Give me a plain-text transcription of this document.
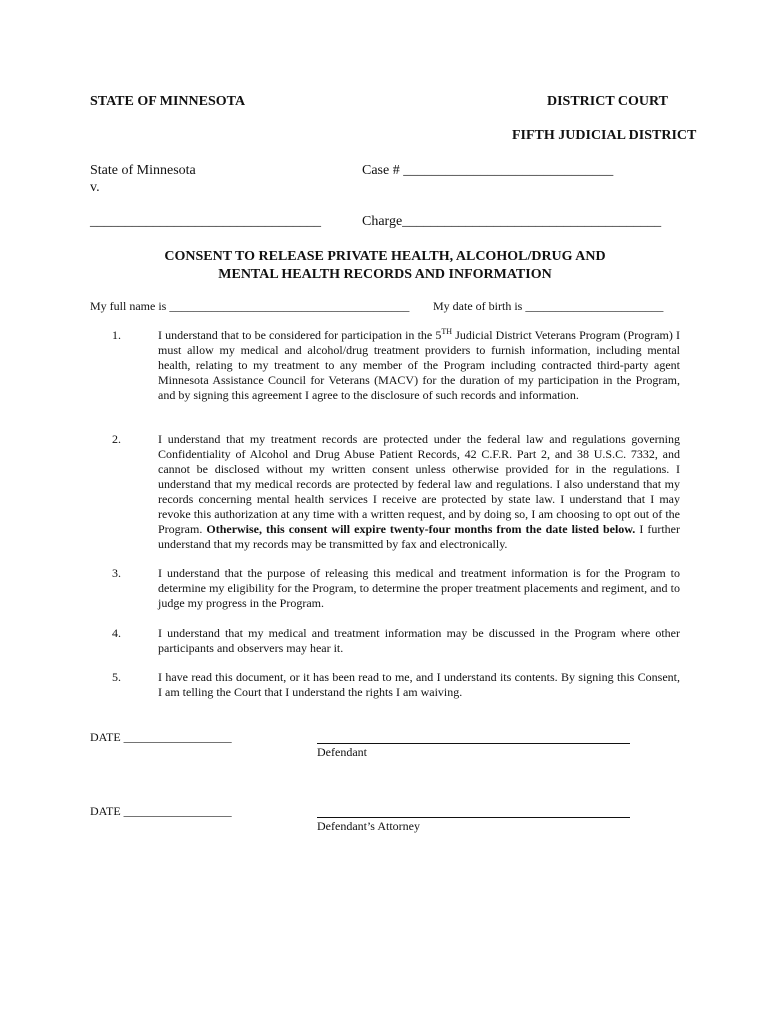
STATE OF MINNESOTA	DISTRICT COURT
FIFTH JUDICIAL DISTRICT
State of Minnesota
v.
Case # ______________________________
_________________________________	Charge_____________________________________
CONSENT TO RELEASE PRIVATE HEALTH, ALCOHOL/DRUG AND
MENTAL HEALTH RECORDS AND INFORMATION
My full name is ________________________________________ My date of birth is _______________________
1.	I understand that to be considered for participation in the 5TH Judicial District Veterans Program (Program) I must allow my medical and alcohol/drug treatment providers to furnish information, including mental health, relating to my treatment to any member of the Program including contracted third-party agent Minnesota Assistance Council for Veterans (MACV) for the duration of my participation in the Program, and by signing this agreement I agree to the disclosure of such records and information.
2.	I understand that my treatment records are protected under the federal law and regulations governing Confidentiality of Alcohol and Drug Abuse Patient Records, 42 C.F.R. Part 2, and 38 U.S.C. 7332, and cannot be disclosed without my written consent unless otherwise provided for in the regulations. I understand that my medical records are protected by federal law and regulations. I also understand that my records concerning mental health services I receive are protected by state law. I understand that I may revoke this authorization at any time with a written request, and by doing so, I am choosing to opt out of the Program. Otherwise, this consent will expire twenty-four months from the date listed below. I further understand that my records may be transmitted by fax and electronically.
3.	I understand that the purpose of releasing this medical and treatment information is for the Program to determine my eligibility for the Program, to determine the proper treatment placements and regiment, and to judge my progress in the Program.
4.	I understand that my medical and treatment information may be discussed in the Program where other participants and observers may hear it.
5.	I have read this document, or it has been read to me, and I understand its contents. By signing this Consent, I am telling the Court that I understand the rights I am waiving.
DATE __________________
Defendant
DATE __________________
Defendant’s Attorney
